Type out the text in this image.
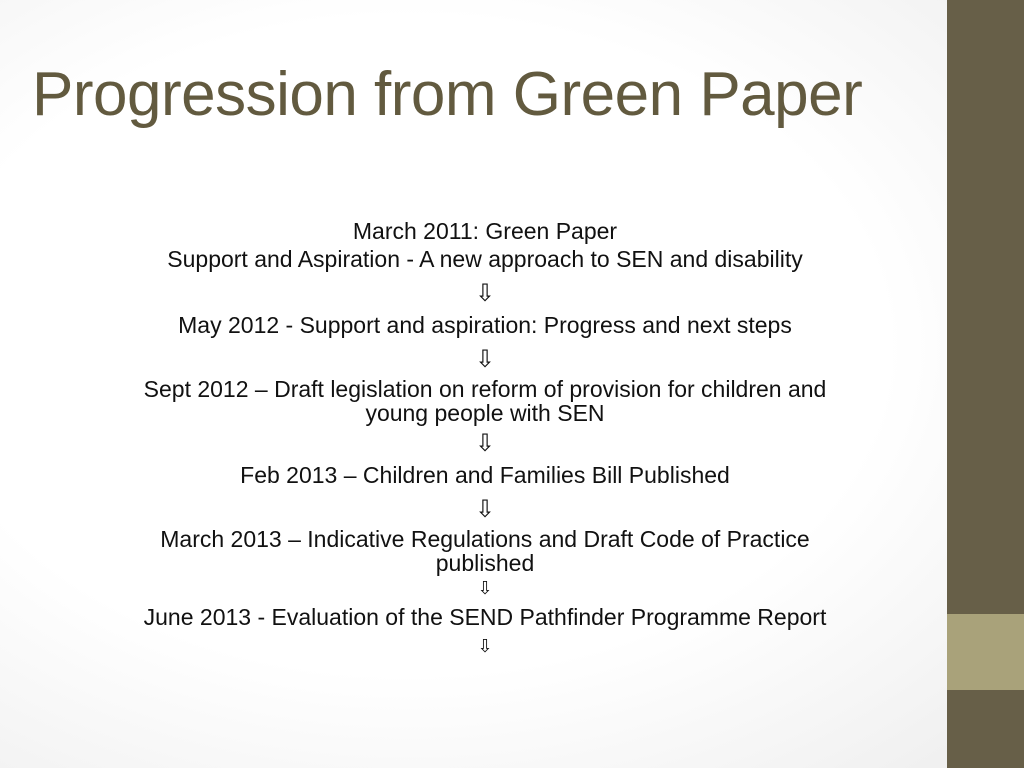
Progression from Green Paper
March 2011: Green Paper
Support and Aspiration - A new approach to SEN and disability
⇩
May 2012 - Support and aspiration: Progress and next steps
⇩
Sept 2012 – Draft legislation on reform of provision for children and
young people with SEN
⇩
Feb 2013 – Children and Families Bill Published
⇩
March 2013 – Indicative Regulations and Draft Code of Practice
published
⇩
June 2013 - Evaluation of the SEND Pathfinder Programme Report
⇩
